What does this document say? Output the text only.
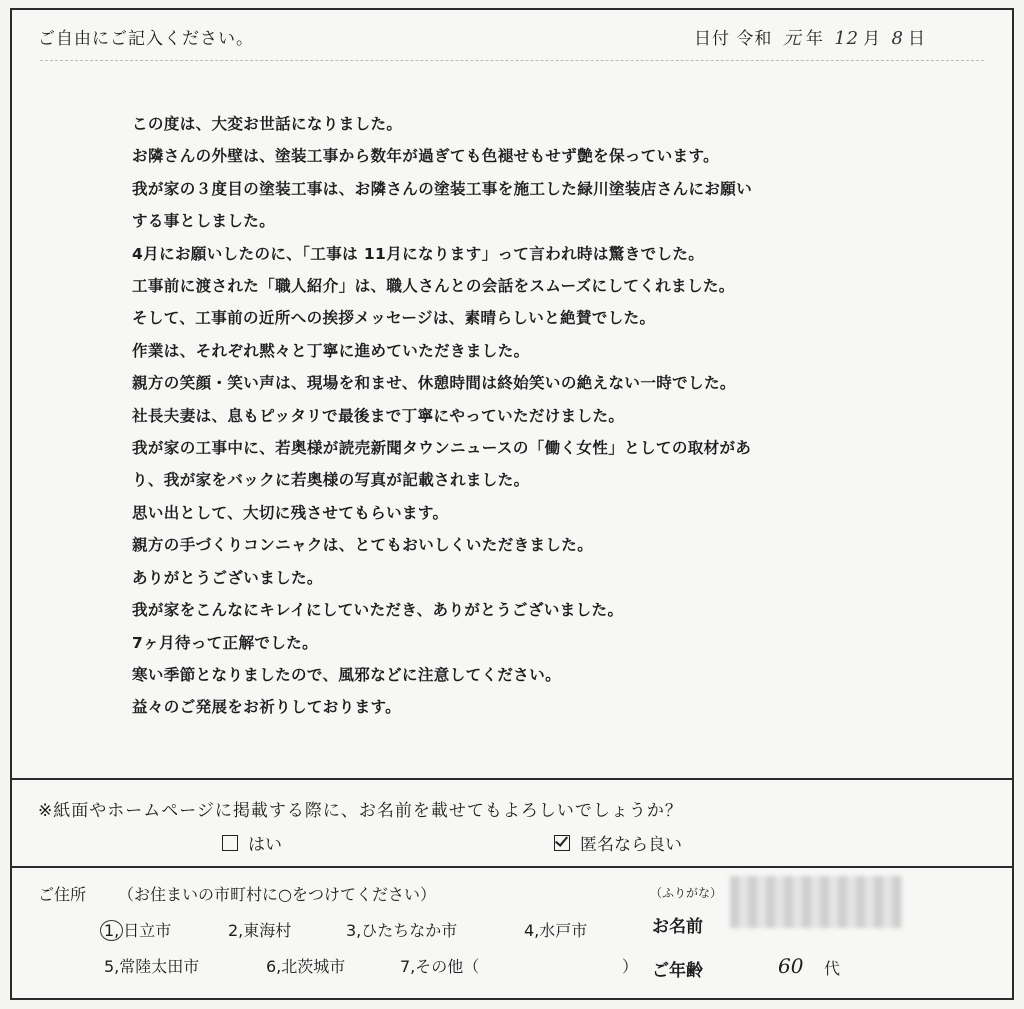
ご自由にご記入ください。	日付 令和 元 年 12 月 8 日
この度は、大変お世話になりました。
お隣さんの外壁は、塗装工事から数年が過ぎても色褪せもせず艶を保っています。
我が家の３度目の塗装工事は、お隣さんの塗装工事を施工した緑川塗装店さんにお願い
する事としました。
4月にお願いしたのに、「工事は 11月になります」って言われ時は驚きでした。
工事前に渡された「職人紹介」は、職人さんとの会話をスムーズにしてくれました。
そして、工事前の近所への挨拶メッセージは、素晴らしいと絶賛でした。
作業は、それぞれ黙々と丁寧に進めていただきました。
親方の笑顔・笑い声は、現場を和ませ、休憩時間は終始笑いの絶えない一時でした。
社長夫妻は、息もピッタリで最後まで丁寧にやっていただけました。
我が家の工事中に、若奥様が読売新聞タウンニュースの「働く女性」としての取材があ
り、我が家をバックに若奥様の写真が記載されました。
思い出として、大切に残させてもらいます。
親方の手づくりコンニャクは、とてもおいしくいただきました。
ありがとうございました。
我が家をこんなにキレイにしていただき、ありがとうございました。
7ヶ月待って正解でした。
寒い季節となりましたので、風邪などに注意してください。
益々のご発展をお祈りしております。
※紙面やホームページに掲載する際に、お名前を載せてもよろしいでしょうか？
はい	匿名なら良い
ご住所 （お住まいの市町村に○をつけてください）
1, 日立市	2,東海村	3,ひたちなか市	4,水戸市
5,常陸太田市	6,北茨城市	7,その他（	）
（ふりがな）
お名前
ご年齢	60 代
